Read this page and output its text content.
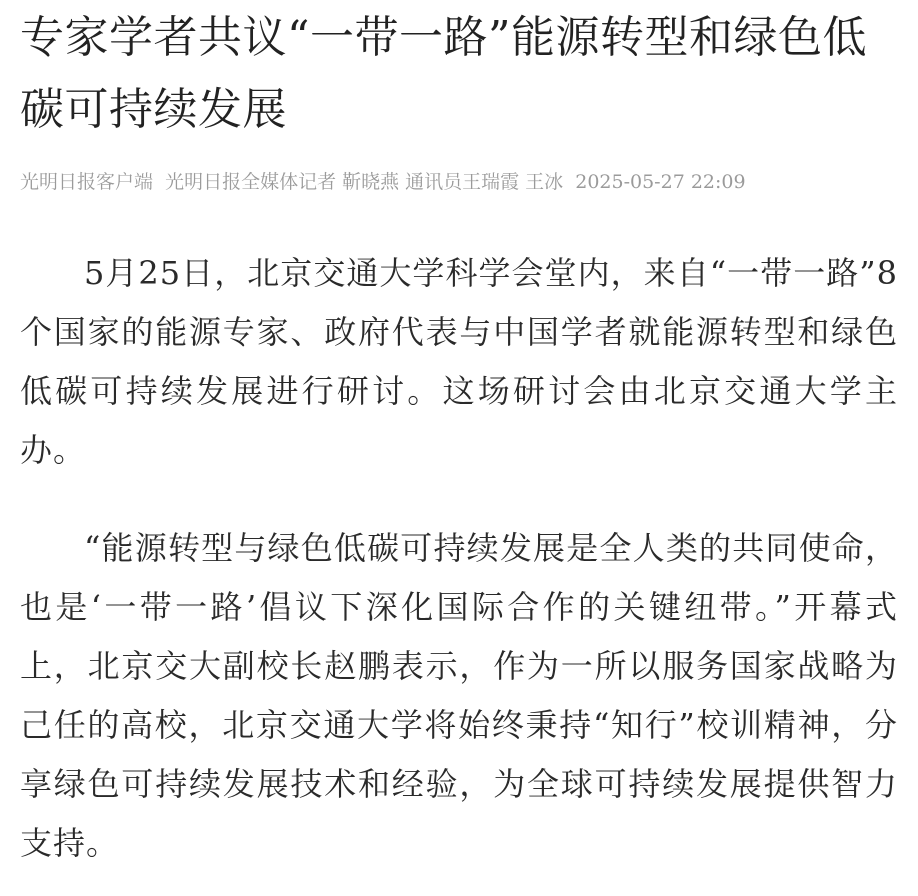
专家学者共议“一带一路”能源转型和绿色低碳可持续发展
光明日报客户端 光明日报全媒体记者 靳晓燕 通讯员王瑞霞 王冰 2025-05-27 22:09

5月25日，北京交通大学科学会堂内，来自“一带一路”8个国家的能源专家、政府代表与中国学者就能源转型和绿色低碳可持续发展进行研讨。这场研讨会由北京交通大学主办。

“能源转型与绿色低碳可持续发展是全人类的共同使命，也是‘一带一路’倡议下深化国际合作的关键纽带。”开幕式上，北京交大副校长赵鹏表示，作为一所以服务国家战略为己任的高校，北京交通大学将始终秉持“知行”校训精神，分享绿色可持续发展技术和经验，为全球可持续发展提供智力支持。
